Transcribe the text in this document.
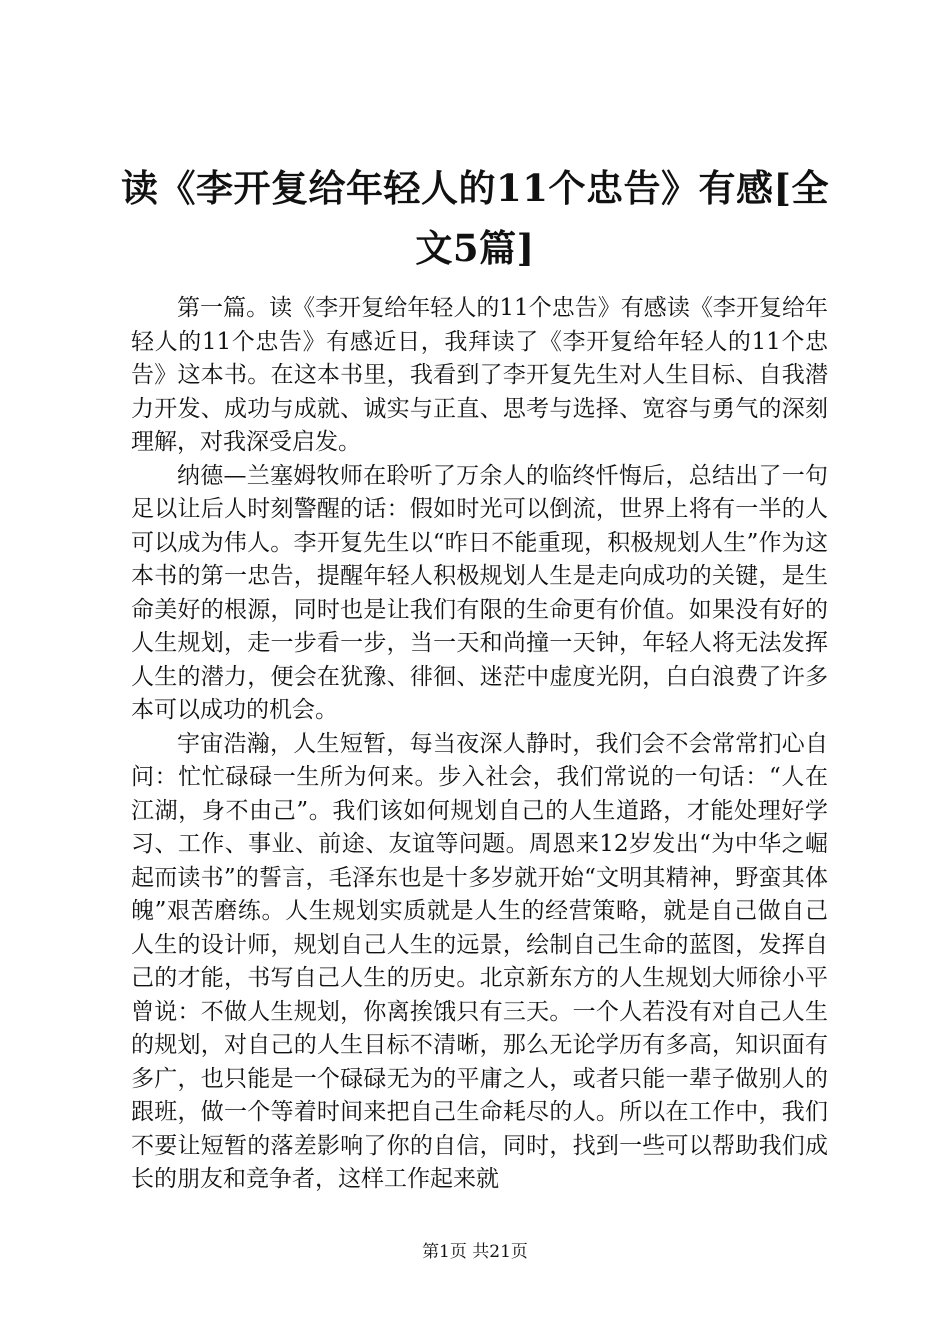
读《李开复给年轻人的11个忠告》有感[全文5篇]

第一篇。读《李开复给年轻人的11个忠告》有感读《李开复给年轻人的11个忠告》有感近日，我拜读了《李开复给年轻人的11个忠告》这本书。在这本书里，我看到了李开复先生对人生目标、自我潜力开发、成功与成就、诚实与正直、思考与选择、宽容与勇气的深刻理解，对我深受启发。

纳德—兰塞姆牧师在聆听了万余人的临终忏悔后，总结出了一句足以让后人时刻警醒的话：假如时光可以倒流，世界上将有一半的人可以成为伟人。李开复先生以“昨日不能重现，积极规划人生”作为这本书的第一忠告，提醒年轻人积极规划人生是走向成功的关键，是生命美好的根源，同时也是让我们有限的生命更有价值。如果没有好的人生规划，走一步看一步，当一天和尚撞一天钟，年轻人将无法发挥人生的潜力，便会在犹豫、徘徊、迷茫中虚度光阴，白白浪费了许多本可以成功的机会。

宇宙浩瀚，人生短暂，每当夜深人静时，我们会不会常常扪心自问：忙忙碌碌一生所为何来。步入社会，我们常说的一句话：“人在江湖，身不由己”。我们该如何规划自己的人生道路，才能处理好学习、工作、事业、前途、友谊等问题。周恩来12岁发出“为中华之崛起而读书”的誓言，毛泽东也是十多岁就开始“文明其精神，野蛮其体魄”艰苦磨练。人生规划实质就是人生的经营策略，就是自己做自己人生的设计师，规划自己人生的远景，绘制自己生命的蓝图，发挥自己的才能，书写自己人生的历史。北京新东方的人生规划大师徐小平曾说：不做人生规划，你离挨饿只有三天。一个人若没有对自己人生的规划，对自己的人生目标不清晰，那么无论学历有多高，知识面有多广，也只能是一个碌碌无为的平庸之人，或者只能一辈子做别人的跟班，做一个等着时间来把自己生命耗尽的人。所以在工作中，我们不要让短暂的落差影响了你的自信，同时，找到一些可以帮助我们成长的朋友和竞争者，这样工作起来就

第1页 共21页
